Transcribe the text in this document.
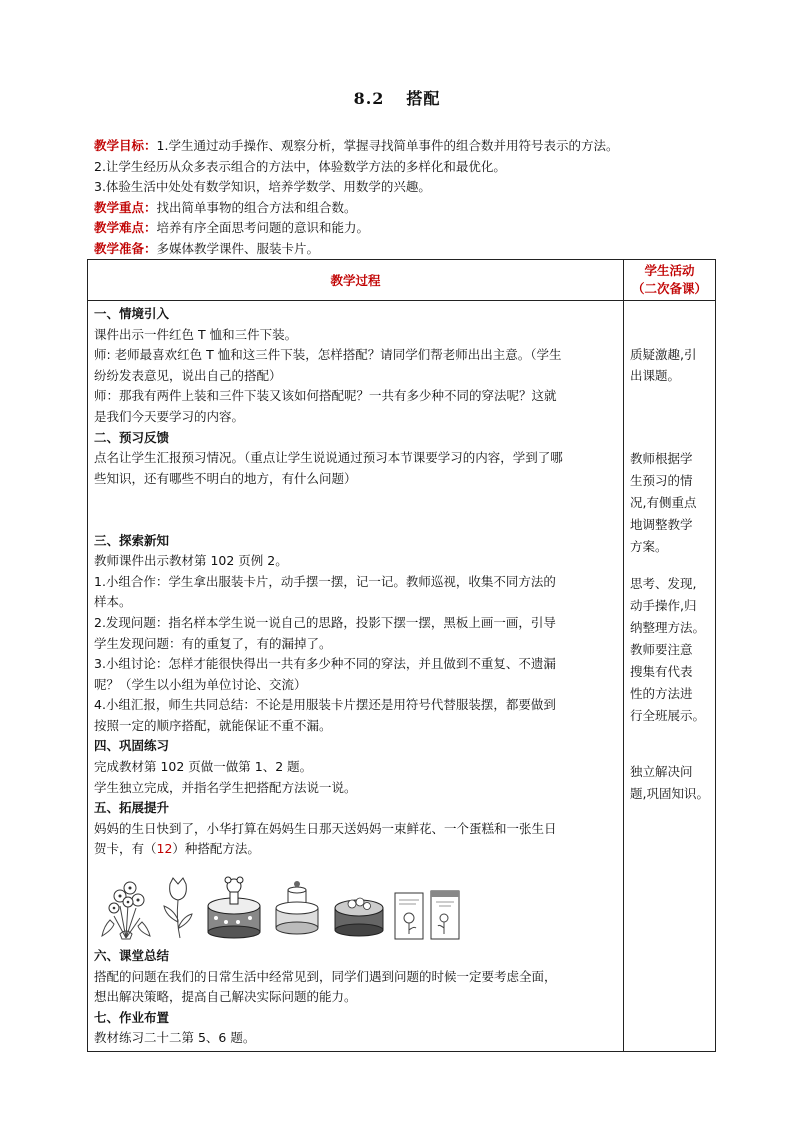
8.2 搭配
教学目标：1.学生通过动手操作、观察分析，掌握寻找简单事件的组合数并用符号表示的方法。
2.让学生经历从众多表示组合的方法中，体验数学方法的多样化和最优化。
3.体验生活中处处有数学知识，培养学数学、用数学的兴趣。
教学重点：找出简单事物的组合方法和组合数。
教学难点：培养有序全面思考问题的意识和能力。
教学准备：多媒体教学课件、服装卡片。
教学过程
学生活动
（二次备课）
一、情境引入
课件出示一件红色 T 恤和三件下装。
师: 老师最喜欢红色 T 恤和这三件下装，怎样搭配？请同学们帮老师出出主意。（学生
纷纷发表意见，说出自己的搭配）
师：那我有两件上装和三件下装又该如何搭配呢？一共有多少种不同的穿法呢？这就
是我们今天要学习的内容。
二、预习反馈
点名让学生汇报预习情况。（重点让学生说说通过预习本节课要学习的内容，学到了哪
些知识，还有哪些不明白的地方，有什么问题）
三、探索新知
教师课件出示教材第 102 页例 2。
1.小组合作：学生拿出服装卡片，动手摆一摆，记一记。教师巡视，收集不同方法的
样本。
2.发现问题：指名样本学生说一说自己的思路，投影下摆一摆，黑板上画一画，引导
学生发现问题：有的重复了，有的漏掉了。
3.小组讨论：怎样才能很快得出一共有多少种不同的穿法，并且做到不重复、不遗漏
呢？（学生以小组为单位讨论、交流）
4.小组汇报，师生共同总结：不论是用服装卡片摆还是用符号代替服装摆，都要做到
按照一定的顺序搭配，就能保证不重不漏。
四、巩固练习
完成教材第 102 页做一做第 1、2 题。
学生独立完成，并指名学生把搭配方法说一说。
五、拓展提升
妈妈的生日快到了，小华打算在妈妈生日那天送妈妈一束鲜花、一个蛋糕和一张生日
贺卡，有（12）种搭配方法。
六、课堂总结
搭配的问题在我们的日常生活中经常见到，同学们遇到问题的时候一定要考虑全面，
想出解决策略，提高自己解决实际问题的能力。
七、作业布置
教材练习二十二第 5、6 题。
质疑激趣,引
出课题。
教师根据学
生预习的情
况,有侧重点
地调整教学
方案。
思考、发现,
动手操作,归
纳整理方法。
教师要注意
搜集有代表
性的方法进
行全班展示。
独立解决问
题,巩固知识。
